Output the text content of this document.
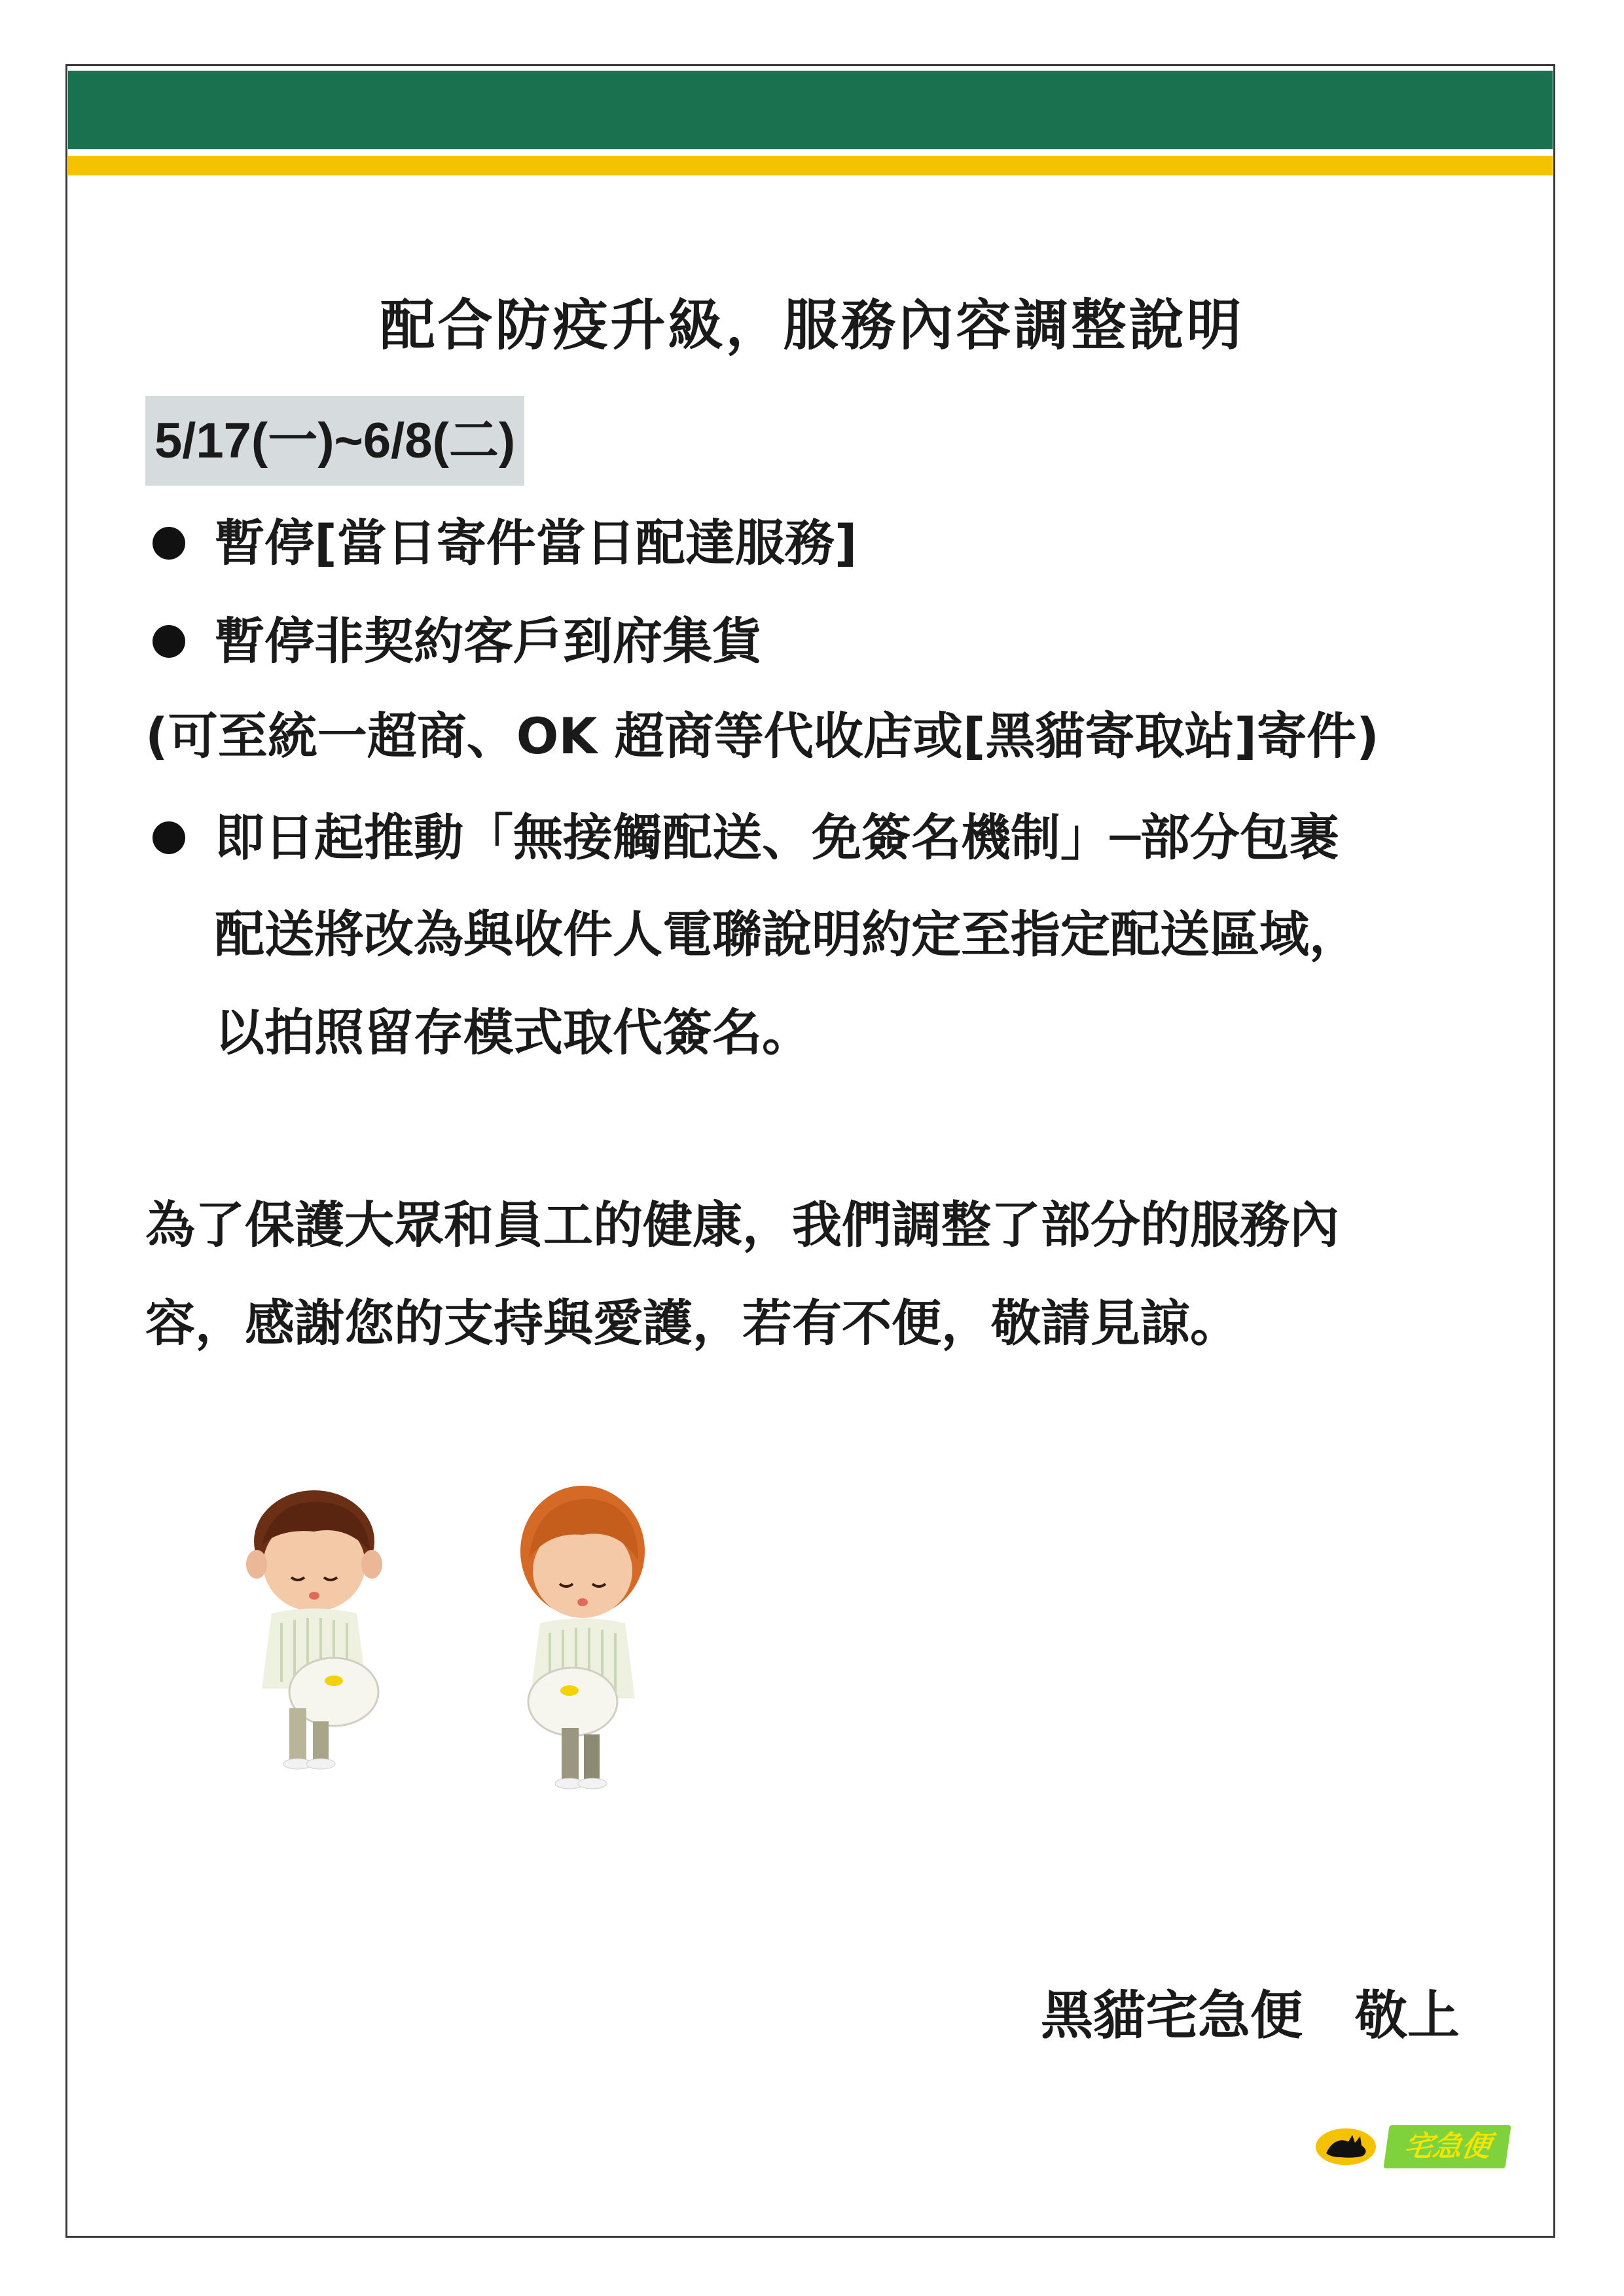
配合防疫升級，服務內容調整說明
5/17(一)~6/8(二)
暫停[當日寄件當日配達服務]
暫停非契約客戶到府集貨
(可至統一超商、OK 超商等代收店或[黑貓寄取站]寄件)
即日起推動「無接觸配送、免簽名機制」─部分包裹
配送將改為與收件人電聯說明約定至指定配送區域，
以拍照留存模式取代簽名。
為了保護大眾和員工的健康，我們調整了部分的服務內
容，感謝您的支持與愛護，若有不便，敬請見諒。
黑貓宅急便　敬上
宅急便
